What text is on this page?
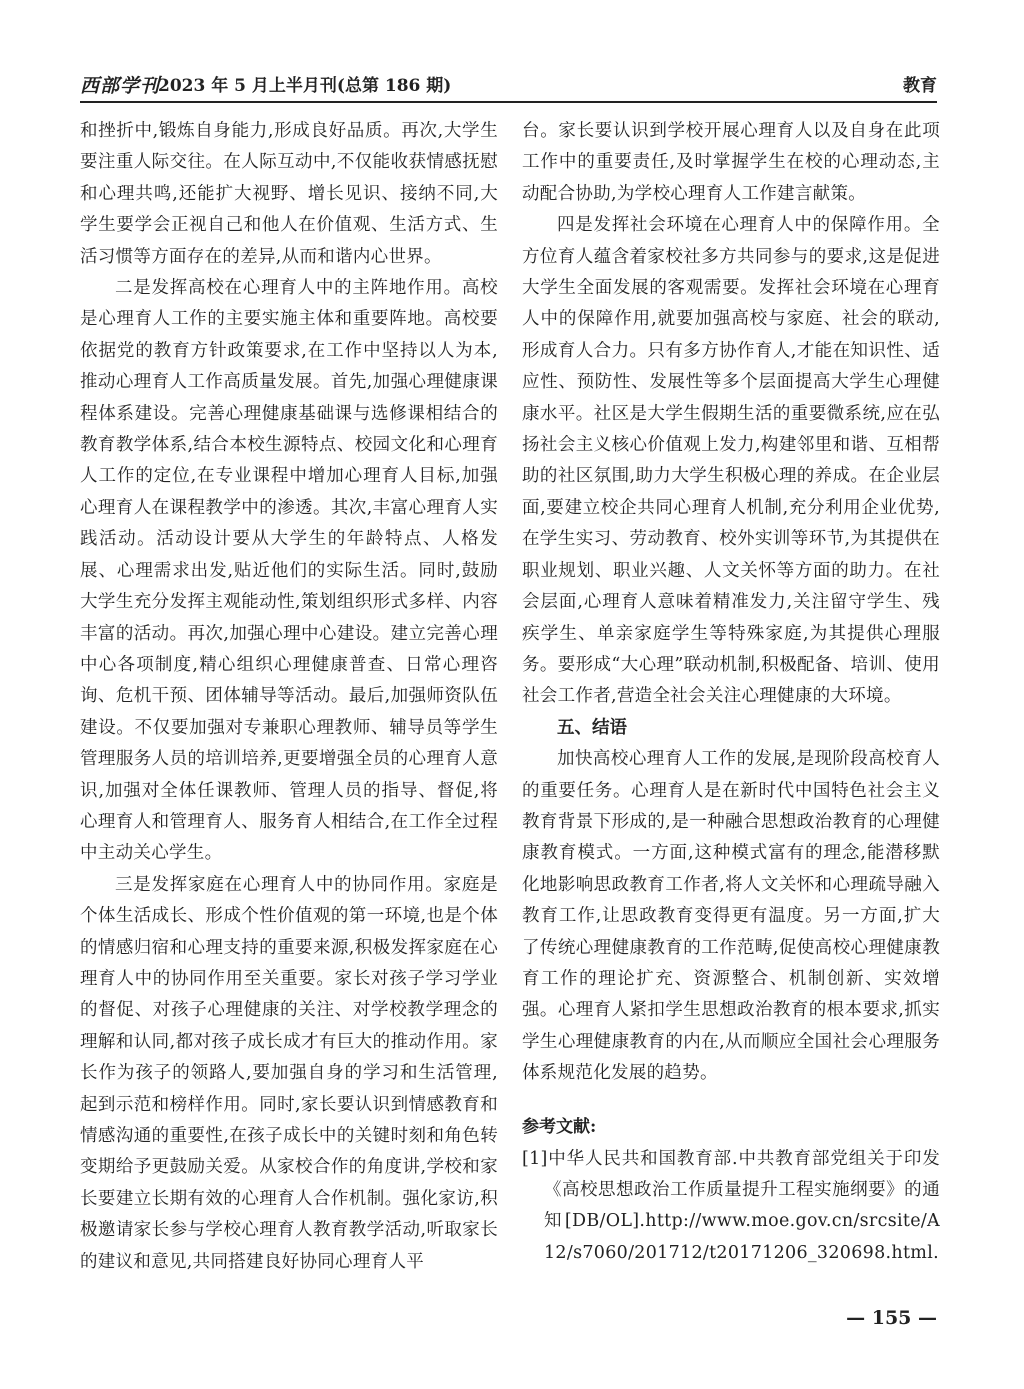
西部学刊
2023 年 5 月上半月刊(总第 186 期)	教育

和挫折中,锻炼自身能力,形成良好品质。再次,大学生要注重人际交往。在人际互动中,不仅能收获情感抚慰和心理共鸣,还能扩大视野、增长见识、接纳不同,大学生要学会正视自己和他人在价值观、生活方式、生活习惯等方面存在的差异,从而和谐内心世界。

二是发挥高校在心理育人中的主阵地作用。高校是心理育人工作的主要实施主体和重要阵地。高校要依据党的教育方针政策要求,在工作中坚持以人为本,推动心理育人工作高质量发展。首先,加强心理健康课程体系建设。完善心理健康基础课与选修课相结合的教育教学体系,结合本校生源特点、校园文化和心理育人工作的定位,在专业课程中增加心理育人目标,加强心理育人在课程教学中的渗透。其次,丰富心理育人实践活动。活动设计要从大学生的年龄特点、人格发展、心理需求出发,贴近他们的实际生活。同时,鼓励大学生充分发挥主观能动性,策划组织形式多样、内容丰富的活动。再次,加强心理中心建设。建立完善心理中心各项制度,精心组织心理健康普查、日常心理咨询、危机干预、团体辅导等活动。最后,加强师资队伍建设。不仅要加强对专兼职心理教师、辅导员等学生管理服务人员的培训培养,更要增强全员的心理育人意识,加强对全体任课教师、管理人员的指导、督促,将心理育人和管理育人、服务育人相结合,在工作全过程中主动关心学生。

三是发挥家庭在心理育人中的协同作用。家庭是个体生活成长、形成个性价值观的第一环境,也是个体的情感归宿和心理支持的重要来源,积极发挥家庭在心理育人中的协同作用至关重要。家长对孩子学习学业的督促、对孩子心理健康的关注、对学校教学理念的理解和认同,都对孩子成长成才有巨大的推动作用。家长作为孩子的领路人,要加强自身的学习和生活管理,起到示范和榜样作用。同时,家长要认识到情感教育和情感沟通的重要性,在孩子成长中的关键时刻和角色转变期给予更鼓励关爱。从家校合作的角度讲,学校和家长要建立长期有效的心理育人合作机制。强化家访,积极邀请家长参与学校心理育人教育教学活动,听取家长的建议和意见,共同搭建良好协同心理育人平

台。家长要认识到学校开展心理育人以及自身在此项工作中的重要责任,及时掌握学生在校的心理动态,主动配合协助,为学校心理育人工作建言献策。

四是发挥社会环境在心理育人中的保障作用。全方位育人蕴含着家校社多方共同参与的要求,这是促进大学生全面发展的客观需要。发挥社会环境在心理育人中的保障作用,就要加强高校与家庭、社会的联动,形成育人合力。只有多方协作育人,才能在知识性、适应性、预防性、发展性等多个层面提高大学生心理健康水平。社区是大学生假期生活的重要微系统,应在弘扬社会主义核心价值观上发力,构建邻里和谐、互相帮助的社区氛围,助力大学生积极心理的养成。在企业层面,要建立校企共同心理育人机制,充分利用企业优势,在学生实习、劳动教育、校外实训等环节,为其提供在职业规划、职业兴趣、人文关怀等方面的助力。在社会层面,心理育人意味着精准发力,关注留守学生、残疾学生、单亲家庭学生等特殊家庭,为其提供心理服务。要形成“大心理”联动机制,积极配备、培训、使用社会工作者,营造全社会关注心理健康的大环境。

五、结语

加快高校心理育人工作的发展,是现阶段高校育人的重要任务。心理育人是在新时代中国特色社会主义教育背景下形成的,是一种融合思想政治教育的心理健康教育模式。一方面,这种模式富有的理念,能潜移默化地影响思政教育工作者,将人文关怀和心理疏导融入教育工作,让思政教育变得更有温度。另一方面,扩大了传统心理健康教育的工作范畴,促使高校心理健康教育工作的理论扩充、资源整合、机制创新、实效增强。心理育人紧扣学生思想政治教育的根本要求,抓实学生心理健康教育的内在,从而顺应全国社会心理服务体系规范化发展的趋势。

参考文献:

[1]中华人民共和国教育部.中共教育部党组关于印发《高校思想政治工作质量提升工程实施纲要》的通知[DB/OL].http://www.moe.gov.cn/srcsite/A12/s7060/201712/t20171206_320698.html.

— 155 —
